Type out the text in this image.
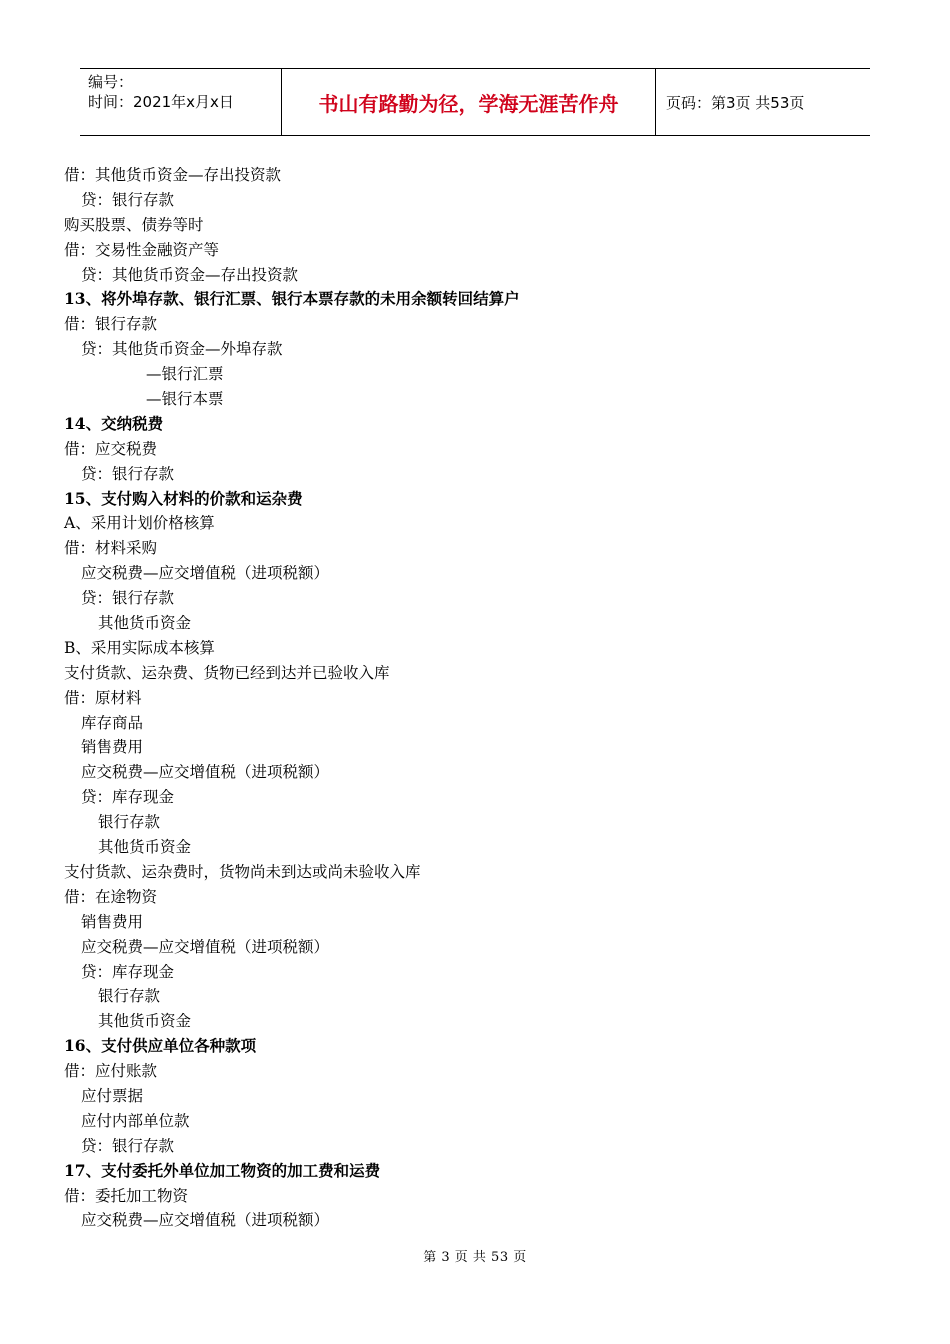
编号：
时间：2021年x月x日	书山有路勤为径，学海无涯苦作舟	页码：第3页 共53页
借：其他货币资金—存出投资款
贷：银行存款
购买股票、债券等时
借：交易性金融资产等
贷：其他货币资金—存出投资款
13、将外埠存款、银行汇票、银行本票存款的未用余额转回结算户
借：银行存款
贷：其他货币资金—外埠存款
—银行汇票
—银行本票
14、交纳税费
借：应交税费
贷：银行存款
15、支付购入材料的价款和运杂费
A、采用计划价格核算
借：材料采购
应交税费—应交增值税（进项税额）
贷：银行存款
其他货币资金
B、采用实际成本核算
支付货款、运杂费、货物已经到达并已验收入库
借：原材料
库存商品
销售费用
应交税费—应交增值税（进项税额）
贷：库存现金
银行存款
其他货币资金
支付货款、运杂费时，货物尚未到达或尚未验收入库
借：在途物资
销售费用
应交税费—应交增值税（进项税额）
贷：库存现金
银行存款
其他货币资金
16、支付供应单位各种款项
借：应付账款
应付票据
应付内部单位款
贷：银行存款
17、支付委托外单位加工物资的加工费和运费
借：委托加工物资
应交税费—应交增值税（进项税额）
第 3 页 共 53 页
